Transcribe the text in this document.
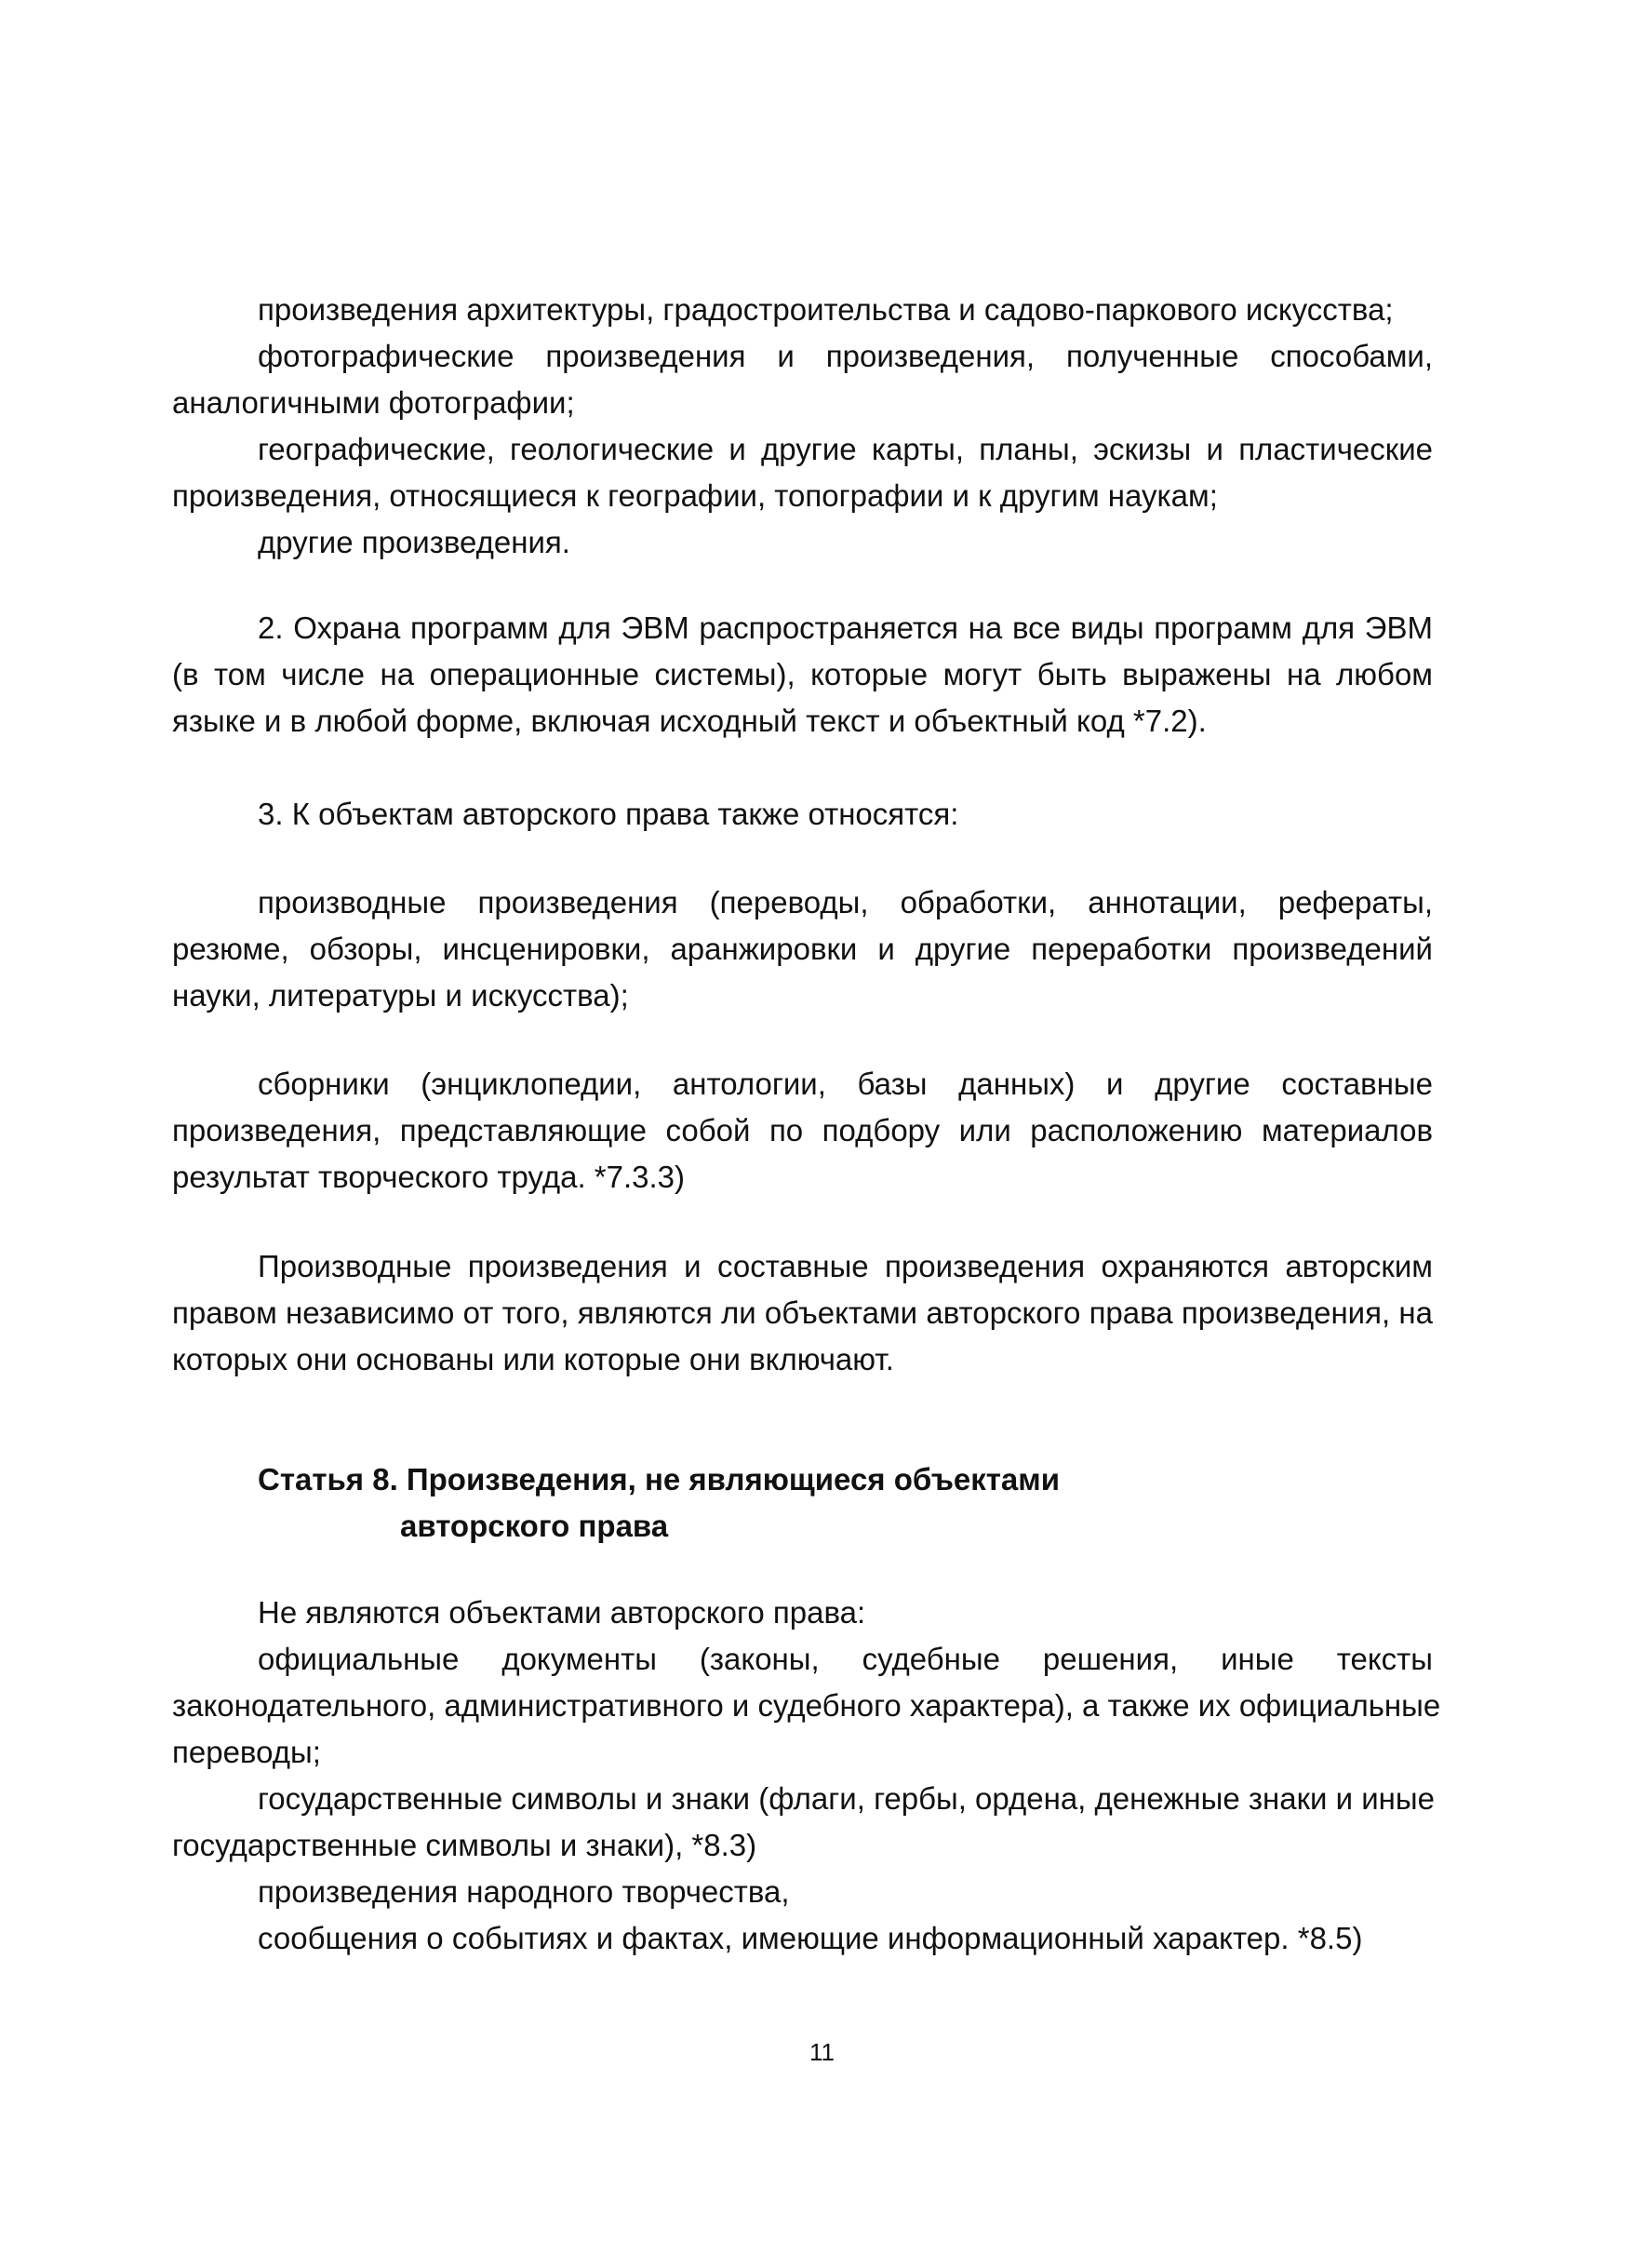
произведения архитектуры, градостроительства и садово-паркового искусства;
фотографические произведения и произведения, полученные способами,
аналогичными фотографии;
географические, геологические и другие карты, планы, эскизы и пластические
произведения, относящиеся к географии, топографии и к другим наукам;
другие произведения.
2. Охрана программ для ЭВМ распространяется на все виды программ для ЭВМ
(в том числе на операционные системы), которые могут быть выражены на любом
языке и в любой форме, включая исходный текст и объектный код *7.2).
3. К объектам авторского права также относятся:
производные произведения (переводы, обработки, аннотации, рефераты,
резюме, обзоры, инсценировки, аранжировки и другие переработки произведений
науки, литературы и искусства);
сборники (энциклопедии, антологии, базы данных) и другие составные
произведения, представляющие собой по подбору или расположению материалов
результат творческого труда. *7.3.3)
Производные произведения и составные произведения охраняются авторским
правом независимо от того, являются ли объектами авторского права произведения, на
которых они основаны или которые они включают.
Статья 8. Произведения, не являющиеся объектами
авторского права
Не являются объектами авторского права:
официальные документы (законы, судебные решения, иные тексты
законодательного, административного и судебного характера), а также их официальные
переводы;
государственные символы и знаки (флаги, гербы, ордена, денежные знаки и иные
государственные символы и знаки), *8.3)
произведения народного творчества,
сообщения о событиях и фактах, имеющие информационный характер. *8.5)
11
